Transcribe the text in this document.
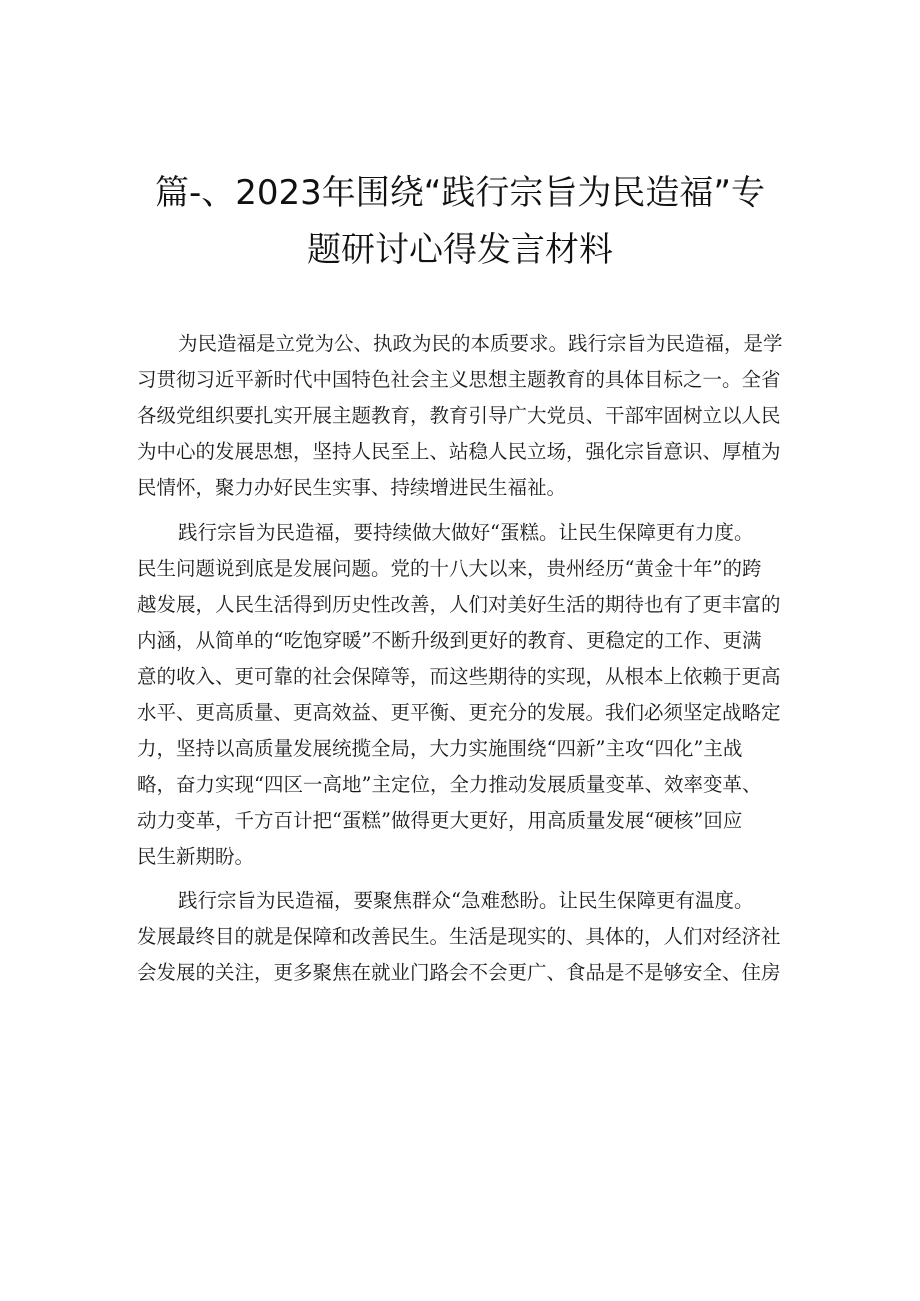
篇-、2023年围绕“践行宗旨为民造福”专
题研讨心得发言材料

为民造福是立党为公、执政为民的本质要求。践行宗旨为民造福，是学
习贯彻习近平新时代中国特色社会主义思想主题教育的具体目标之一。全省
各级党组织要扎实开展主题教育，教育引导广大党员、干部牢固树立以人民
为中心的发展思想，坚持人民至上、站稳人民立场，强化宗旨意识、厚植为
民情怀，聚力办好民生实事、持续增进民生福祉。

践行宗旨为民造福，要持续做大做好“蛋糕。让民生保障更有力度。
民生问题说到底是发展问题。党的十八大以来，贵州经历“黄金十年”的跨
越发展，人民生活得到历史性改善，人们对美好生活的期待也有了更丰富的
内涵，从简单的“吃饱穿暖”不断升级到更好的教育、更稳定的工作、更满
意的收入、更可靠的社会保障等，而这些期待的实现，从根本上依赖于更高
水平、更高质量、更高效益、更平衡、更充分的发展。我们必须坚定战略定
力，坚持以高质量发展统揽全局，大力实施围绕“四新”主攻“四化”主战
略，奋力实现“四区一高地”主定位，全力推动发展质量变革、效率变革、
动力变革，千方百计把“蛋糕”做得更大更好，用高质量发展“硬核”回应
民生新期盼。

践行宗旨为民造福，要聚焦群众“急难愁盼。让民生保障更有温度。
发展最终目的就是保障和改善民生。生活是现实的、具体的，人们对经济社
会发展的关注，更多聚焦在就业门路会不会更广、食品是不是够安全、住房
